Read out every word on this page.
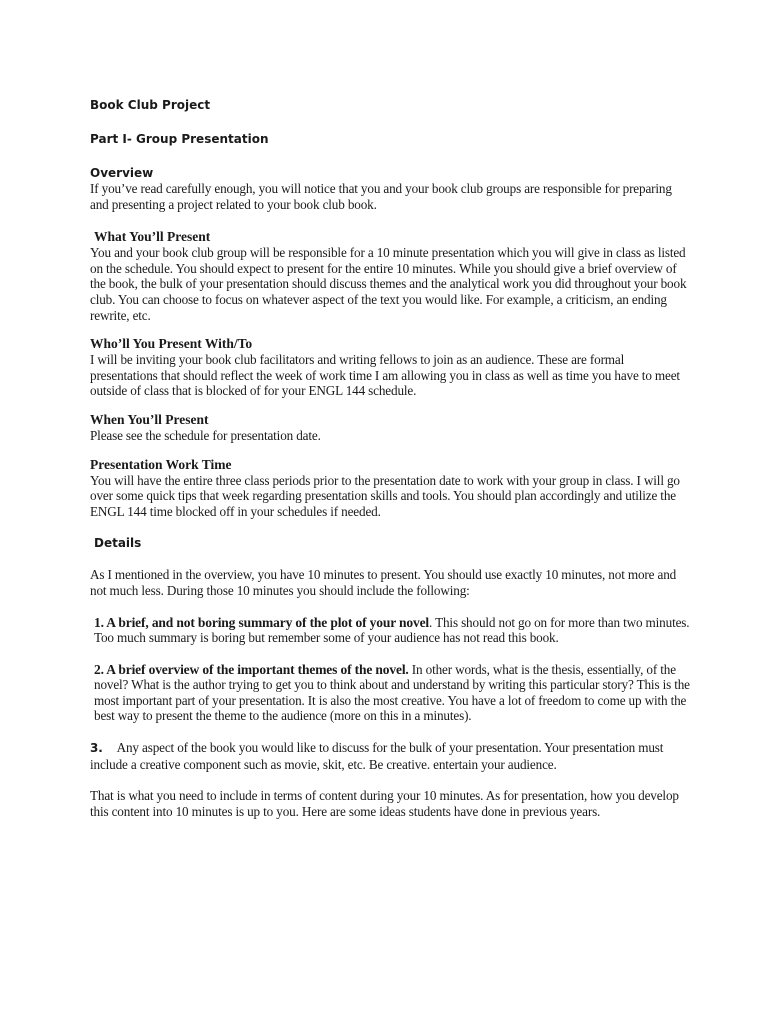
Book Club Project
Part I- Group Presentation
Overview

If you’ve read carefully enough, you will notice that you and your book club groups are responsible for preparing and presenting a project related to your book club book.

What You’ll Present

You and your book club group will be responsible for a 10 minute presentation which you will give in class as listed on the schedule. You should expect to present for the entire 10 minutes. While you should give a brief overview of the book, the bulk of your presentation should discuss themes and the analytical work you did throughout your book club. You can choose to focus on whatever aspect of the text you would like. For example, a criticism, an ending rewrite, etc.

Who’ll You Present With/To

I will be inviting your book club facilitators and writing fellows to join as an audience. These are formal presentations that should reflect the week of work time I am allowing you in class as well as time you have to meet outside of class that is blocked of for your ENGL 144 schedule.

When You’ll Present

Please see the schedule for presentation date.

Presentation Work Time

You will have the entire three class periods prior to the presentation date to work with your group in class. I will go over some quick tips that week regarding presentation skills and tools. You should plan accordingly and utilize the ENGL 144 time blocked off in your schedules if needed.

Details

As I mentioned in the overview, you have 10 minutes to present. You should use exactly 10 minutes, not more and not much less. During those 10 minutes you should include the following:

1. A brief, and not boring summary of the plot of your novel. This should not go on for more than two minutes. Too much summary is boring but remember some of your audience has not read this book.

2. A brief overview of the important themes of the novel. In other words, what is the thesis, essentially, of the novel? What is the author trying to get you to think about and understand by writing this particular story? This is the most important part of your presentation. It is also the most creative. You have a lot of freedom to come up with the best way to present the theme to the audience (more on this in a minutes).

3. Any aspect of the book you would like to discuss for the bulk of your presentation. Your presentation must include a creative component such as movie, skit, etc. Be creative. entertain your audience.

That is what you need to include in terms of content during your 10 minutes. As for presentation, how you develop this content into 10 minutes is up to you. Here are some ideas students have done in previous years.
